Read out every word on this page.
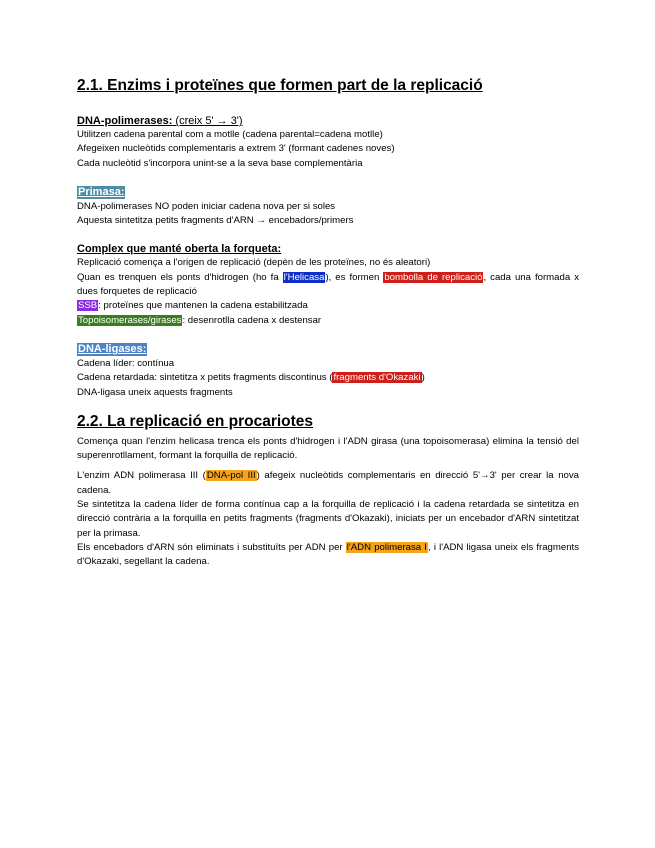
2.1. Enzims i proteïnes que formen part de la replicació

DNA-polimerases: (creix 5' → 3')

Utilitzen cadena parental com a motlle (cadena parental=cadena motlle)

Afegeixen nucleòtids complementaris a extrem 3' (formant cadenes noves)

Cada nucleòtid s'incorpora unint-se a la seva base complementària

Primasa:

DNA-polimerases NO poden iniciar cadena nova per si soles

Aquesta sintetitza petits fragments d'ARN → encebadors/primers

Complex que manté oberta la forqueta:

Replicació comença a l'origen de replicació (depèn de les proteïnes, no és aleatori)

Quan es trenquen els ponts d'hidrogen (ho fa l'Helicasa), es formen bombolla de replicació, cada una formada x dues forquetes de replicació

SSB: proteïnes que mantenen la cadena estabilitzada

Topoisomerases/girases: desenrotlla cadena x destensar

DNA-ligases:

Cadena líder: contínua

Cadena retardada: sintetitza x petits fragments discontinus (fragments d'Okazaki)

DNA-ligasa uneix aquests fragments

2.2. La replicació en procariotes

Comença quan l'enzim helicasa trenca els ponts d'hidrogen i l'ADN girasa (una topoisomerasa) elimina la tensió del superenrotllament, formant la forquilla de replicació.

L'enzim ADN polimerasa III (DNA-pol III) afegeix nucleòtids complementaris en direcció 5'→3' per crear la nova cadena.

Se sintetitza la cadena líder de forma contínua cap a la forquilla de replicació i la cadena retardada se sintetitza en direcció contrària a la forquilla en petits fragments (fragments d'Okazaki), iniciats per un encebador d'ARN sintetitzat per la primasa.

Els encebadors d'ARN són eliminats i substituïts per ADN per l'ADN polimerasa I, i l'ADN ligasa uneix els fragments d'Okazaki, segellant la cadena.
